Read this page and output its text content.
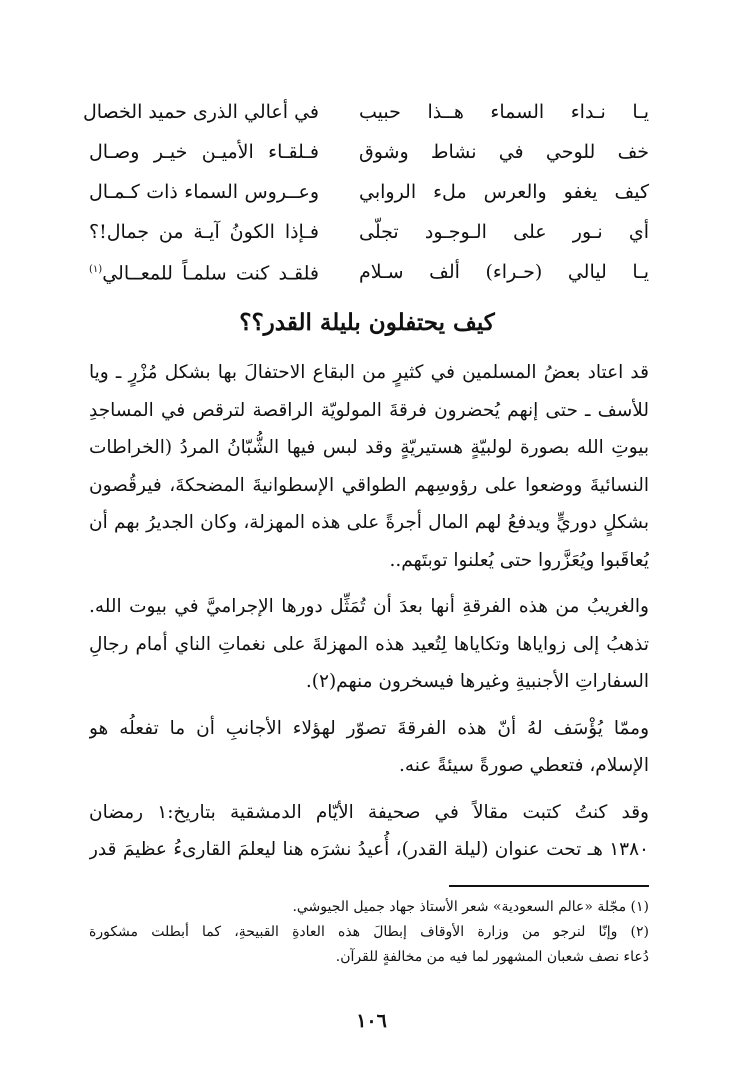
يـا نـداء السماء هــذا حبيب
في أعالي الذرى حميد الخصال
خف للوحي في نشاط وشوق
فـلقـاء الأميـن خيـر وصـال
كيف يغفو والعرس ملء الروابي
وعــروس السماء ذات كـمـال
أي نـور على الـوجـود تجلّى
فـإذا الكونُ آيـة من جمال!؟
يـا ليالي (حـراء) ألف سـلام
فلقـد كنت سلمـاً للمعــالي$^{(١)}$
كيف يحتفلون بليلة القدر؟؟

قد اعتاد بعضُ المسلمين في كثيرٍ من البقاع الاحتفالَ بها بشكل مُزْرٍ ـ ويا
للأسف ـ حتى إنهم يُحضرون فرقةَ المولويّة الراقصة لترقص في المساجدِ
بيوتِ الله بصورة لولبيّةٍ هستيريّةٍ وقد لبس فيها الشُّبّانُ المردُ (الخراطات
النسائيةَ ووضعوا على رؤوسِهم الطواقي الإسطوانيةَ المضحكةَ، فيرقُصون
بشكلٍ دوريٍّ ويدفعُ لهم المال أجرةً على هذه المهزلة، وكان الجديرُ بهم أن
يُعاقَبوا ويُعَزَّروا حتى يُعلنوا توبتَهم..

والغريبُ من هذه الفرقةِ أنها بعدَ أن تُمَثِّل دورها الإجراميَّ في بيوت الله.
تذهبُ إلى زواياها وتكاياها لِتُعيد هذه المهزلةَ على نغماتِ الناي أمام رجالِ
السفاراتِ الأجنبيةِ وغيرها فيسخرون منهم(٢).

وممّا يُؤْسَف لهُ أنّ هذه الفرقةَ تصوّر لهؤلاء الأجانبِ أن ما تفعلُه هو
الإسلام، فتعطي صورةً سيئةً عنه.

وقد كنتُ كتبت مقالاً في صحيفة الأيّام الدمشقية بتاريخ:١ رمضان
١٣٨٠ هـ تحت عنوان (ليلة القدر)، أُعيدُ نشرَه هنا ليعلمَ القارىءُ عظيمَ قدر

(١) مجّلة «عالم السعودية» شعر الأستاذ جهاد جميل الجيوشي.
(٢) وإنّا لنرجو من وزارة الأوقاف إبطالَ هذه العادةِ القبيحةِ، كما أبطلت مشكورة
دُعاء نصف شعبان المشهور لما فيه من مخالفةٍ للقرآن.
١٠٦
